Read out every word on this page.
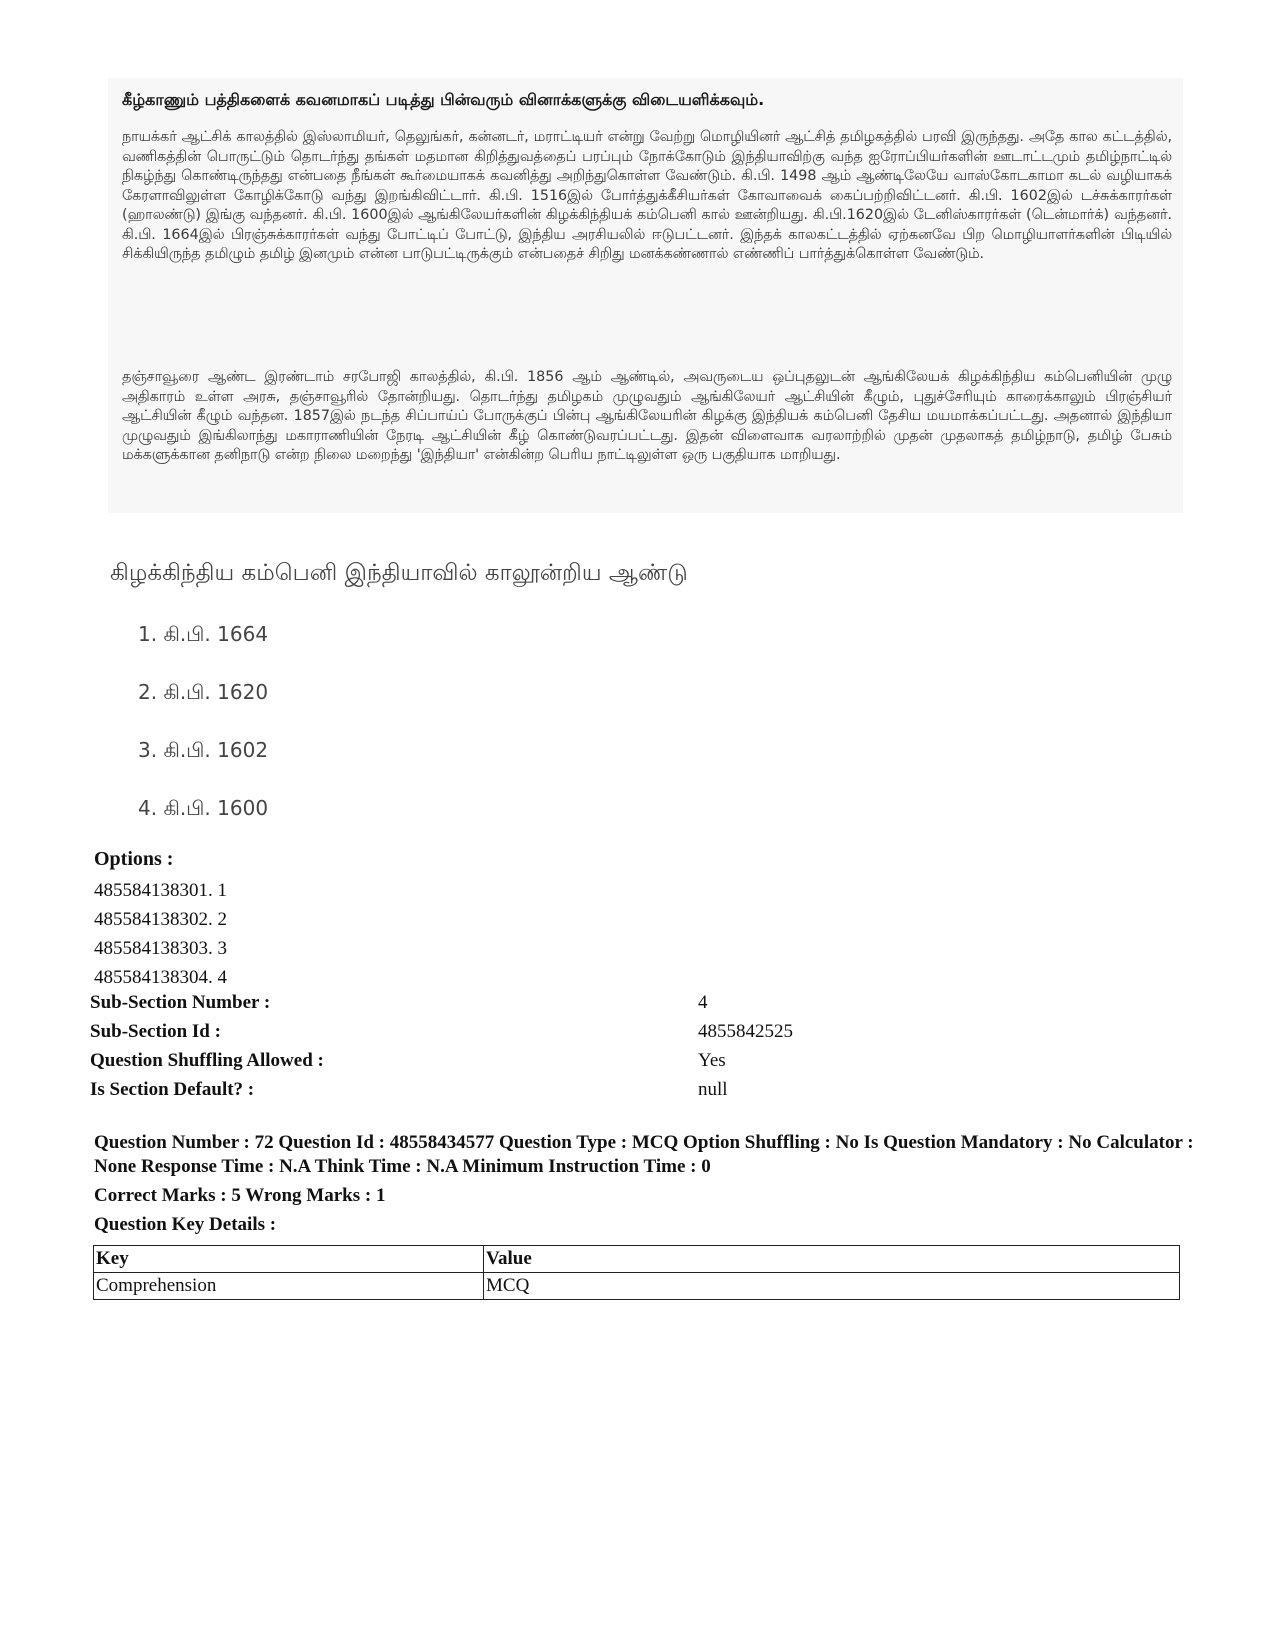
கீழ்காணும் பத்திகளைக் கவனமாகப் படித்து பின்வரும் வினாக்களுக்கு விடையளிக்கவும்.
நாயக்கர் ஆட்சிக் காலத்தில் இஸ்லாமியர், தெலுங்கர், கன்னடர், மராட்டியர் என்று வேற்று மொழியினர் ஆட்சித் தமிழகத்தில் பரவி இருந்தது. அதே கால கட்டத்தில், வணிகத்தின் பொருட்டும் தொடர்ந்து தங்கள் மதமான கிறித்துவத்தைப் பரப்பும் நோக்கோடும் இந்தியாவிற்கு வந்த ஐரோப்பியர்களின் ஊடாட்டமும் தமிழ்நாட்டில் நிகழ்ந்து கொண்டிருந்தது என்பதை நீங்கள் கூர்மையாகக் கவனித்து அறிந்துகொள்ள வேண்டும். கி.பி. 1498 ஆம் ஆண்டிலேயே வாஸ்கோடகாமா கடல் வழியாகக் கேரளாவிலுள்ள கோழிக்கோடு வந்து இறங்கிவிட்டார். கி.பி. 1516இல் போர்த்துக்கீசியர்கள் கோவாவைக் கைப்பற்றிவிட்டனர். கி.பி. 1602இல் டச்சுக்காரர்கள் (ஹாலண்டு) இங்கு வந்தனர். கி.பி. 1600இல் ஆங்கிலேயர்களின் கிழக்கிந்தியக் கம்பெனி கால் ஊன்றியது. கி.பி.1620இல் டேனிஸ்காரர்கள் (டென்மார்க்) வந்தனர். கி.பி. 1664இல் பிரஞ்சுக்காரர்கள் வந்து போட்டிப் போட்டு, இந்திய அரசியலில் ஈடுபட்டனர். இந்தக் காலகட்டத்தில் ஏற்கனவே பிற மொழியாளர்களின் பிடியில் சிக்கியிருந்த தமிழும் தமிழ் இனமும் என்ன பாடுபட்டிருக்கும் என்பதைச் சிறிது மனக்கண்ணால் எண்ணிப் பார்த்துக்கொள்ள வேண்டும்.
தஞ்சாவூரை ஆண்ட இரண்டாம் சரபோஜி காலத்தில், கி.பி. 1856 ஆம் ஆண்டில், அவருடைய ஒப்புதலுடன் ஆங்கிலேயக் கிழக்கிந்திய கம்பெனியின் முழு அதிகாரம் உள்ள அரசு, தஞ்சாவூரில் தோன்றியது. தொடர்ந்து தமிழகம் முழுவதும் ஆங்கிலேயர் ஆட்சியின் கீழும், புதுச்சேரியும் காரைக்காலும் பிரஞ்சியர் ஆட்சியின் கீழும் வந்தன. 1857இல் நடந்த சிப்பாய்ப் போருக்குப் பின்பு ஆங்கிலேயரின் கிழக்கு இந்தியக் கம்பெனி தேசிய மயமாக்கப்பட்டது. அதனால் இந்தியா முழுவதும் இங்கிலாந்து மகாராணியின் நேரடி ஆட்சியின் கீழ் கொண்டுவரப்பட்டது. இதன் விளைவாக வரலாற்றில் முதன் முதலாகத் தமிழ்நாடு, தமிழ் பேசும் மக்களுக்கான தனிநாடு என்ற நிலை மறைந்து 'இந்தியா' என்கின்ற பெரிய நாட்டிலுள்ள ஒரு பகுதியாக மாறியது.
கிழக்கிந்திய கம்பெனி இந்தியாவில் காலூன்றிய ஆண்டு
1. கி.பி. 1664
2. கி.பி. 1620
3. கி.பி. 1602
4. கி.பி. 1600
Options :
485584138301. 1
485584138302. 2
485584138303. 3
485584138304. 4
Sub-Section Number :	4
Sub-Section Id :	4855842525
Question Shuffling Allowed :	Yes
Is Section Default? :	null
Question Number : 72 Question Id : 48558434577 Question Type : MCQ Option Shuffling : No Is Question Mandatory : No Calculator : None Response Time : N.A Think Time : N.A Minimum Instruction Time : 0
Correct Marks : 5 Wrong Marks : 1
Question Key Details :
Key	Value
Comprehension	MCQ
